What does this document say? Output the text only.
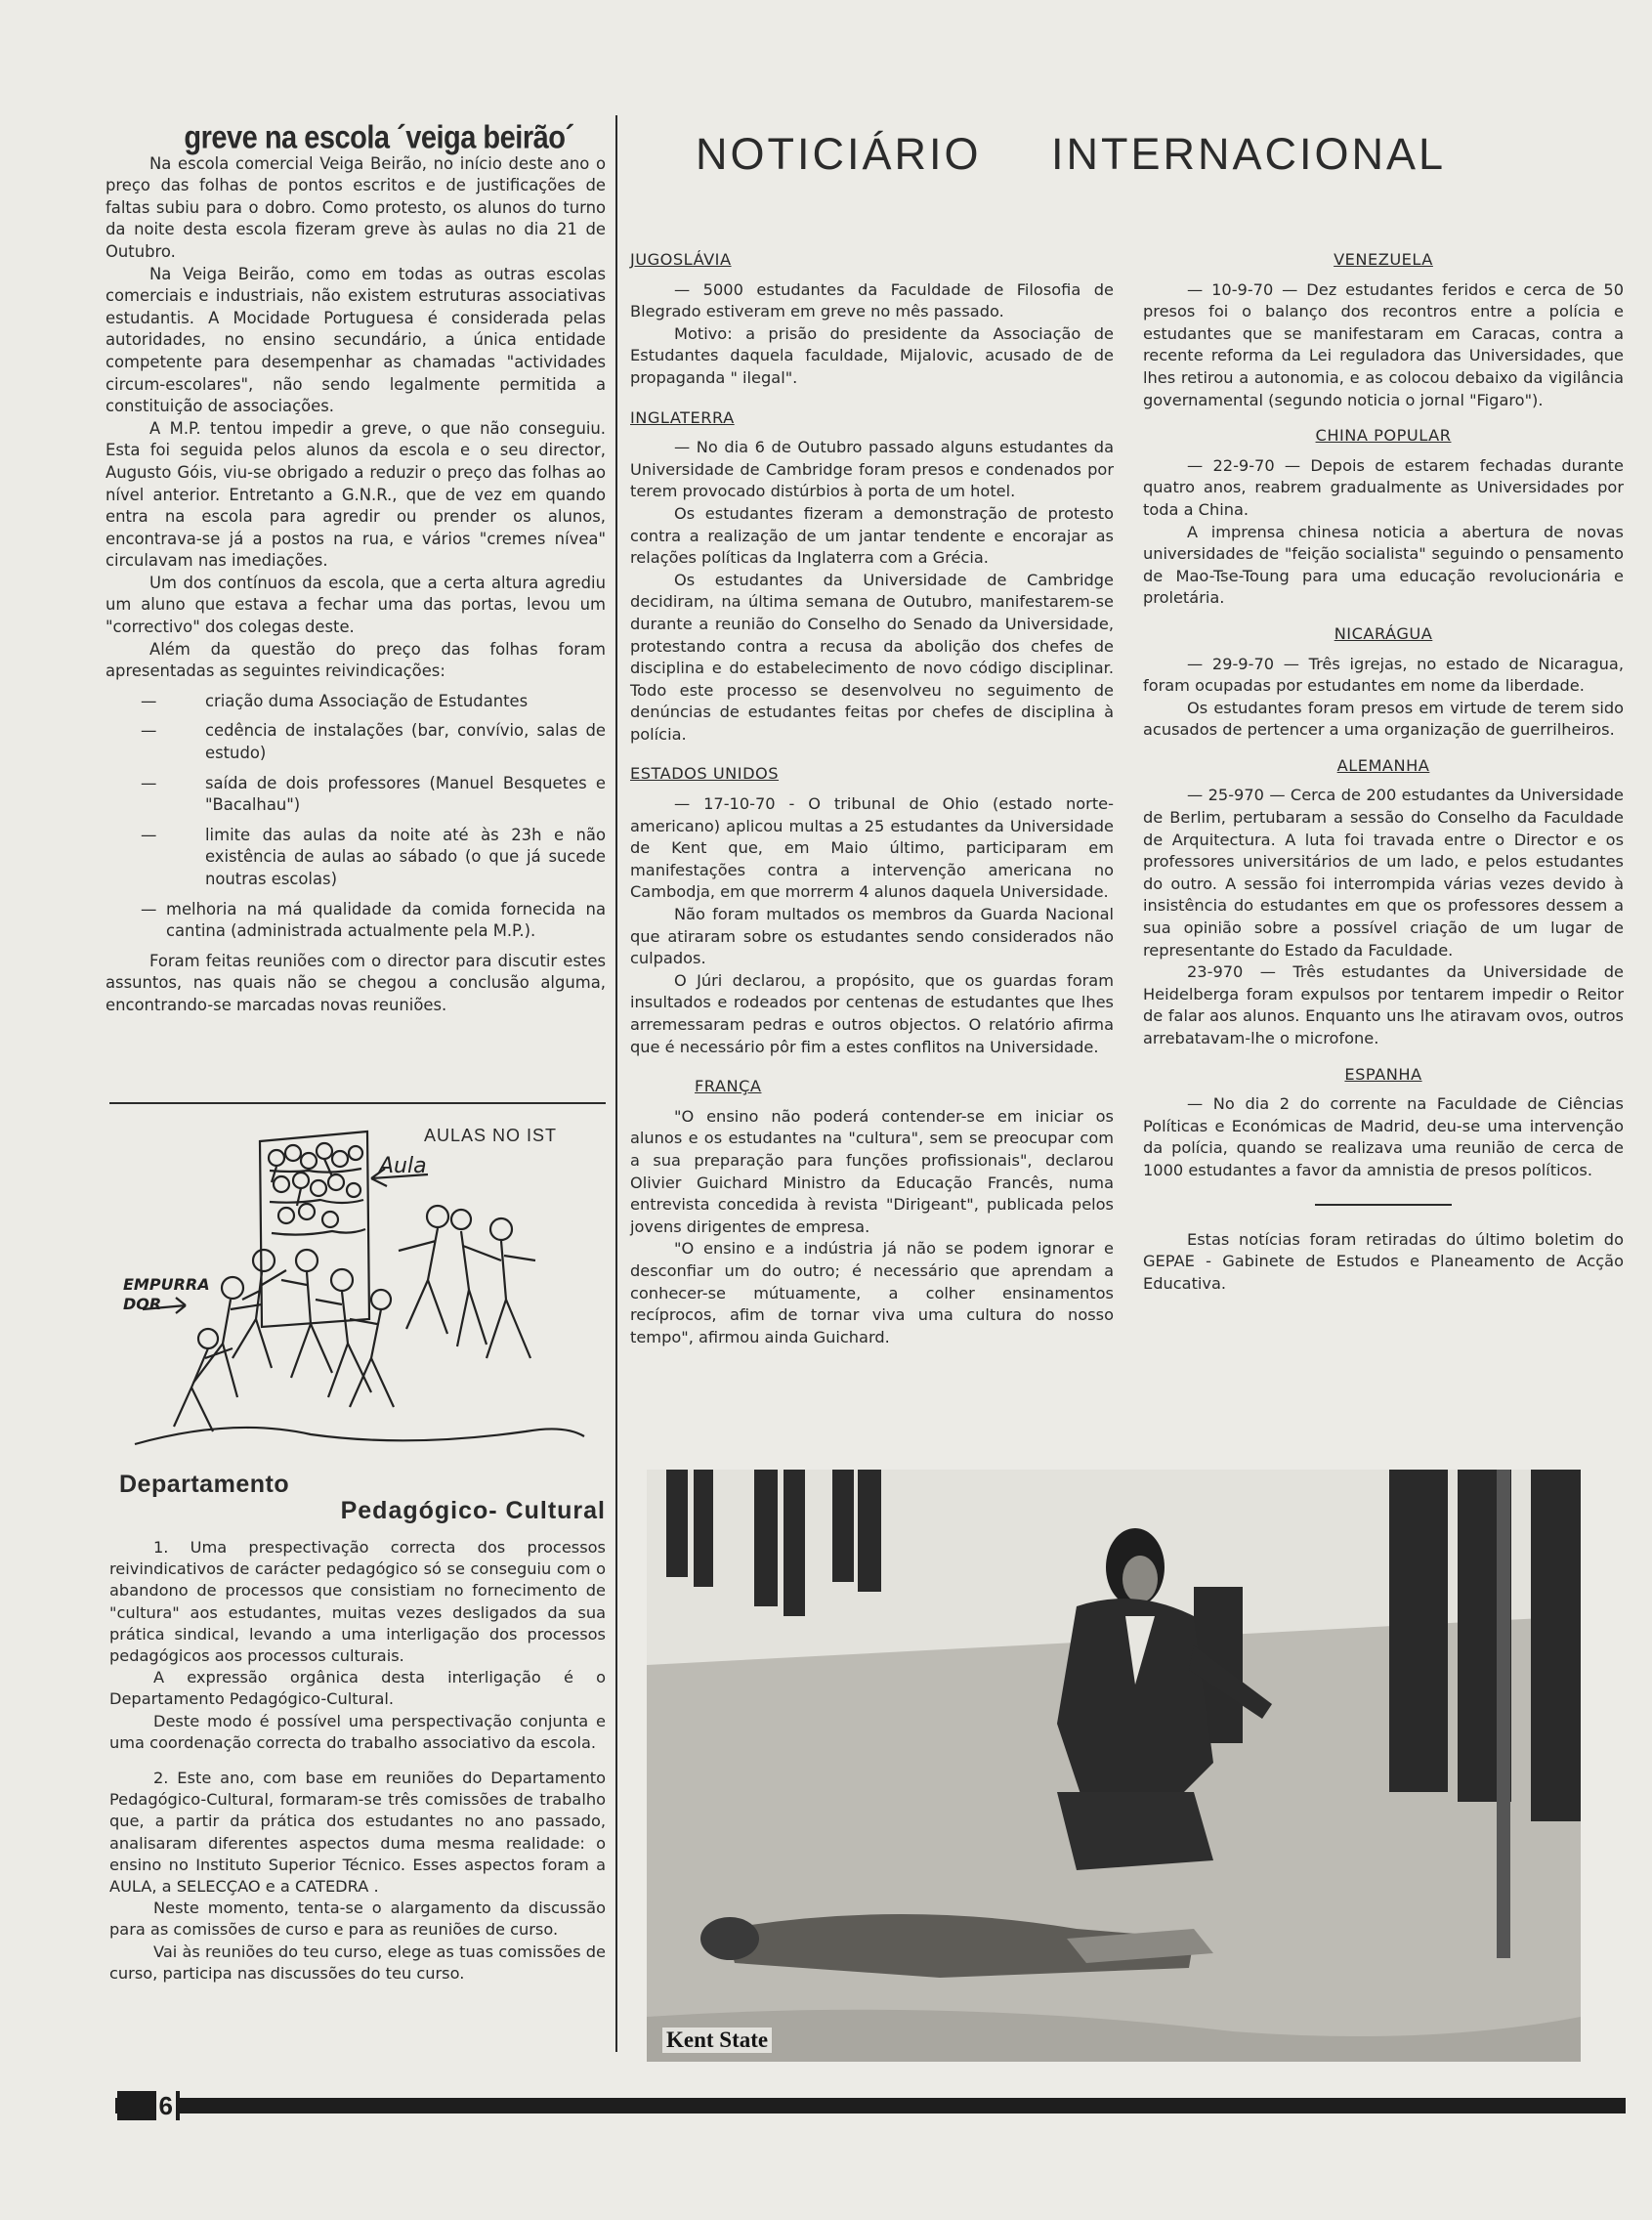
greve na escola ´veiga beirão´

Na escola comercial Veiga Beirão, no início deste ano o preço das folhas de pontos escritos e de justificações de faltas subiu para o dobro. Como protesto, os alunos do turno da noite desta escola fizeram greve às aulas no dia 21 de Outubro.

Na Veiga Beirão, como em todas as outras escolas comerciais e industriais, não existem estruturas associativas estudantis. A Mocidade Portuguesa é considerada pelas autoridades, no ensino secundário, a única entidade competente para desempenhar as chamadas "actividades circum-escolares", não sendo legalmente permitida a constituição de associações.

A M.P. tentou impedir a greve, o que não conseguiu. Esta foi seguida pelos alunos da escola e o seu director, Augusto Góis, viu-se obrigado a reduzir o preço das folhas ao nível anterior. Entretanto a G.N.R., que de vez em quando entra na escola para agredir ou prender os alunos, encontrava-se já a postos na rua, e vários "cremes nívea" circulavam nas imediações.

Um dos contínuos da escola, que a certa altura agrediu um aluno que estava a fechar uma das portas, levou um "correctivo" dos colegas deste.

Além da questão do preço das folhas foram apresentadas as seguintes reivindicações:

—	criação duma Associação de Estudantes
—	cedência de instalações (bar, convívio, salas de estudo)
—	saída de dois professores (Manuel Besquetes e "Bacalhau")
—	limite das aulas da noite até às 23h e não existência de aulas ao sábado (o que já sucede noutras escolas)
— melhoria na má qualidade da comida fornecida na cantina (administrada actualmente pela M.P.).

Foram feitas reuniões com o director para discutir estes assuntos, nas quais não se chegou a conclusão alguma, encontrando-se marcadas novas reuniões.

AULAS NO IST
Aula
EMPURRA
DOR
Departamento
Pedagógico- Cultural

1. Uma prespectivação correcta dos processos reivindicativos de carácter pedagógico só se conseguiu com o abandono de processos que consistiam no fornecimento de "cultura" aos estudantes, muitas vezes desligados da sua prática sindical, levando a uma interligação dos processos pedagógicos aos processos culturais.

A expressão orgânica desta interligação é o Departamento Pedagógico-Cultural.

Deste modo é possível uma perspectivação conjunta e uma coordenação correcta do trabalho associativo da escola.

2. Este ano, com base em reuniões do Departamento Pedagógico-Cultural, formaram-se três comissões de trabalho que, a partir da prática dos estudantes no ano passado, analisaram diferentes aspectos duma mesma realidade: o ensino no Instituto Superior Técnico. Esses aspectos foram a AULA, a SELECÇAO e a CATEDRA .

Neste momento, tenta-se o alargamento da discussão para as comissões de curso e para as reuniões de curso.

Vai às reuniões do teu curso, elege as tuas comissões de curso, participa nas discussões do teu curso.

NOTICIÁRIO INTERNACIONAL
JUGOSLÁVIA

— 5000 estudantes da Faculdade de Filosofia de Blegrado estiveram em greve no mês passado.

Motivo: a prisão do presidente da Associação de Estudantes daquela faculdade, Mijalovic, acusado de de propaganda " ilegal".

INGLATERRA

— No dia 6 de Outubro passado alguns estudantes da Universidade de Cambridge foram presos e condenados por terem provocado distúrbios à porta de um hotel.

Os estudantes fizeram a demonstração de protesto contra a realização de um jantar tendente e encorajar as relações políticas da Inglaterra com a Grécia.

Os estudantes da Universidade de Cambridge decidiram, na última semana de Outubro, manifestarem-se durante a reunião do Conselho do Senado da Universidade, protestando contra a recusa da abolição dos chefes de disciplina e do estabelecimento de novo código disciplinar. Todo este processo se desenvolveu no seguimento de denúncias de estudantes feitas por chefes de disciplina à polícia.

ESTADOS UNIDOS

— 17-10-70 - O tribunal de Ohio (estado norte-americano) aplicou multas a 25 estudantes da Universidade de Kent que, em Maio último, participaram em manifestações contra a intervenção americana no Cambodja, em que morrerm 4 alunos daquela Universidade.

Não foram multados os membros da Guarda Nacional que atiraram sobre os estudantes sendo considerados não culpados.

O Júri declarou, a propósito, que os guardas foram insultados e rodeados por centenas de estudantes que lhes arremessaram pedras e outros objectos. O relatório afirma que é necessário pôr fim a estes conflitos na Universidade.

FRANÇA

"O ensino não poderá contender-se em iniciar os alunos e os estudantes na "cultura", sem se preocupar com a sua preparação para funções profissionais", declarou Olivier Guichard Ministro da Educação Francês, numa entrevista concedida à revista "Dirigeant", publicada pelos jovens dirigentes de empresa.

"O ensino e a indústria já não se podem ignorar e desconfiar um do outro; é necessário que aprendam a conhecer-se mútuamente, a colher ensinamentos recíprocos, afim de tornar viva uma cultura do nosso tempo", afirmou ainda Guichard.

VENEZUELA

— 10-9-70 — Dez estudantes feridos e cerca de 50 presos foi o balanço dos recontros entre a polícia e estudantes que se manifestaram em Caracas, contra a recente reforma da Lei reguladora das Universidades, que lhes retirou a autonomia, e as colocou debaixo da vigilância governamental (segundo noticia o jornal "Figaro").

CHINA POPULAR

— 22-9-70 — Depois de estarem fechadas durante quatro anos, reabrem gradualmente as Universidades por toda a China.

A imprensa chinesa noticia a abertura de novas universidades de "feição socialista" seguindo o pensamento de Mao-Tse-Toung para uma educação revolucionária e proletária.

NICARÁGUA

— 29-9-70 — Três igrejas, no estado de Nicaragua, foram ocupadas por estudantes em nome da liberdade.

Os estudantes foram presos em virtude de terem sido acusados de pertencer a uma organização de guerrilheiros.

ALEMANHA

— 25-970 — Cerca de 200 estudantes da Universidade de Berlim, pertubaram a sessão do Conselho da Faculdade de Arquitectura. A luta foi travada entre o Director e os professores universitários de um lado, e pelos estudantes do outro. A sessão foi interrompida várias vezes devido à insistência do estudantes em que os professores dessem a sua opinião sobre a possível criação de um lugar de representante do Estado da Faculdade.

23-970 — Três estudantes da Universidade de Heidelberga foram expulsos por tentarem impedir o Reitor de falar aos alunos. Enquanto uns lhe atiravam ovos, outros arrebatavam-lhe o microfone.

ESPANHA

— No dia 2 do corrente na Faculdade de Ciências Políticas e Económicas de Madrid, deu-se uma intervenção da polícia, quando se realizava uma reunião de cerca de 1000 estudantes a favor da amnistia de presos políticos.

Estas notícias foram retiradas do último boletim do GEPAE - Gabinete de Estudos e Planeamento de Acção Educativa.

Kent State
6
